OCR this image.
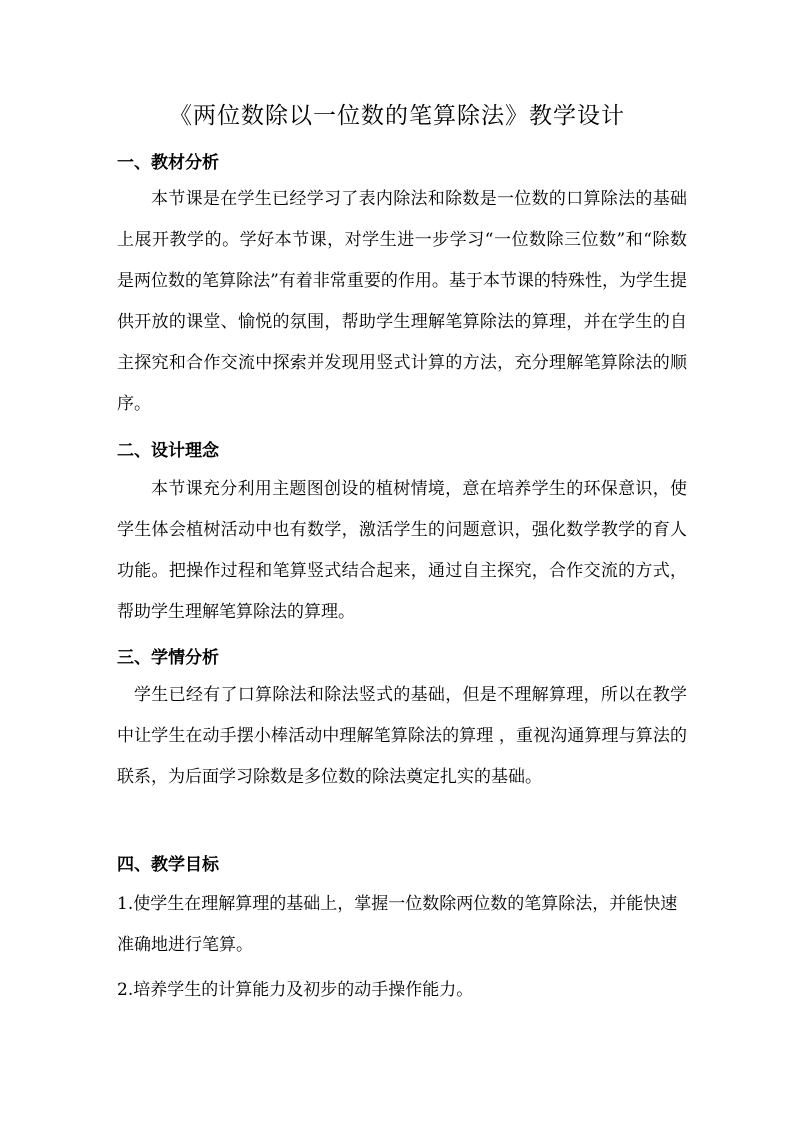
《两位数除以一位数的笔算除法》教学设计
一、教材分析

本节课是在学生已经学习了表内除法和除数是一位数的口算除法的基础上展开教学的。学好本节课，对学生进一步学习“一位数除三位数”和“除数是两位数的笔算除法”有着非常重要的作用。基于本节课的特殊性，为学生提供开放的课堂、愉悦的氛围，帮助学生理解笔算除法的算理，并在学生的自主探究和合作交流中探索并发现用竖式计算的方法，充分理解笔算除法的顺序。

二、设计理念

本节课充分利用主题图创设的植树情境，意在培养学生的环保意识，使学生体会植树活动中也有数学，激活学生的问题意识，强化数学教学的育人功能。把操作过程和笔算竖式结合起来，通过自主探究，合作交流的方式，帮助学生理解笔算除法的算理。

三、学情分析

学生已经有了口算除法和除法竖式的基础，但是不理解算理，所以在教学中让学生在动手摆小棒活动中理解笔算除法的算理 ，重视沟通算理与算法的联系，为后面学习除数是多位数的除法奠定扎实的基础。

四、教学目标

1.使学生在理解算理的基础上，掌握一位数除两位数的笔算除法，并能快速准确地进行笔算。

2.培养学生的计算能力及初步的动手操作能力。
